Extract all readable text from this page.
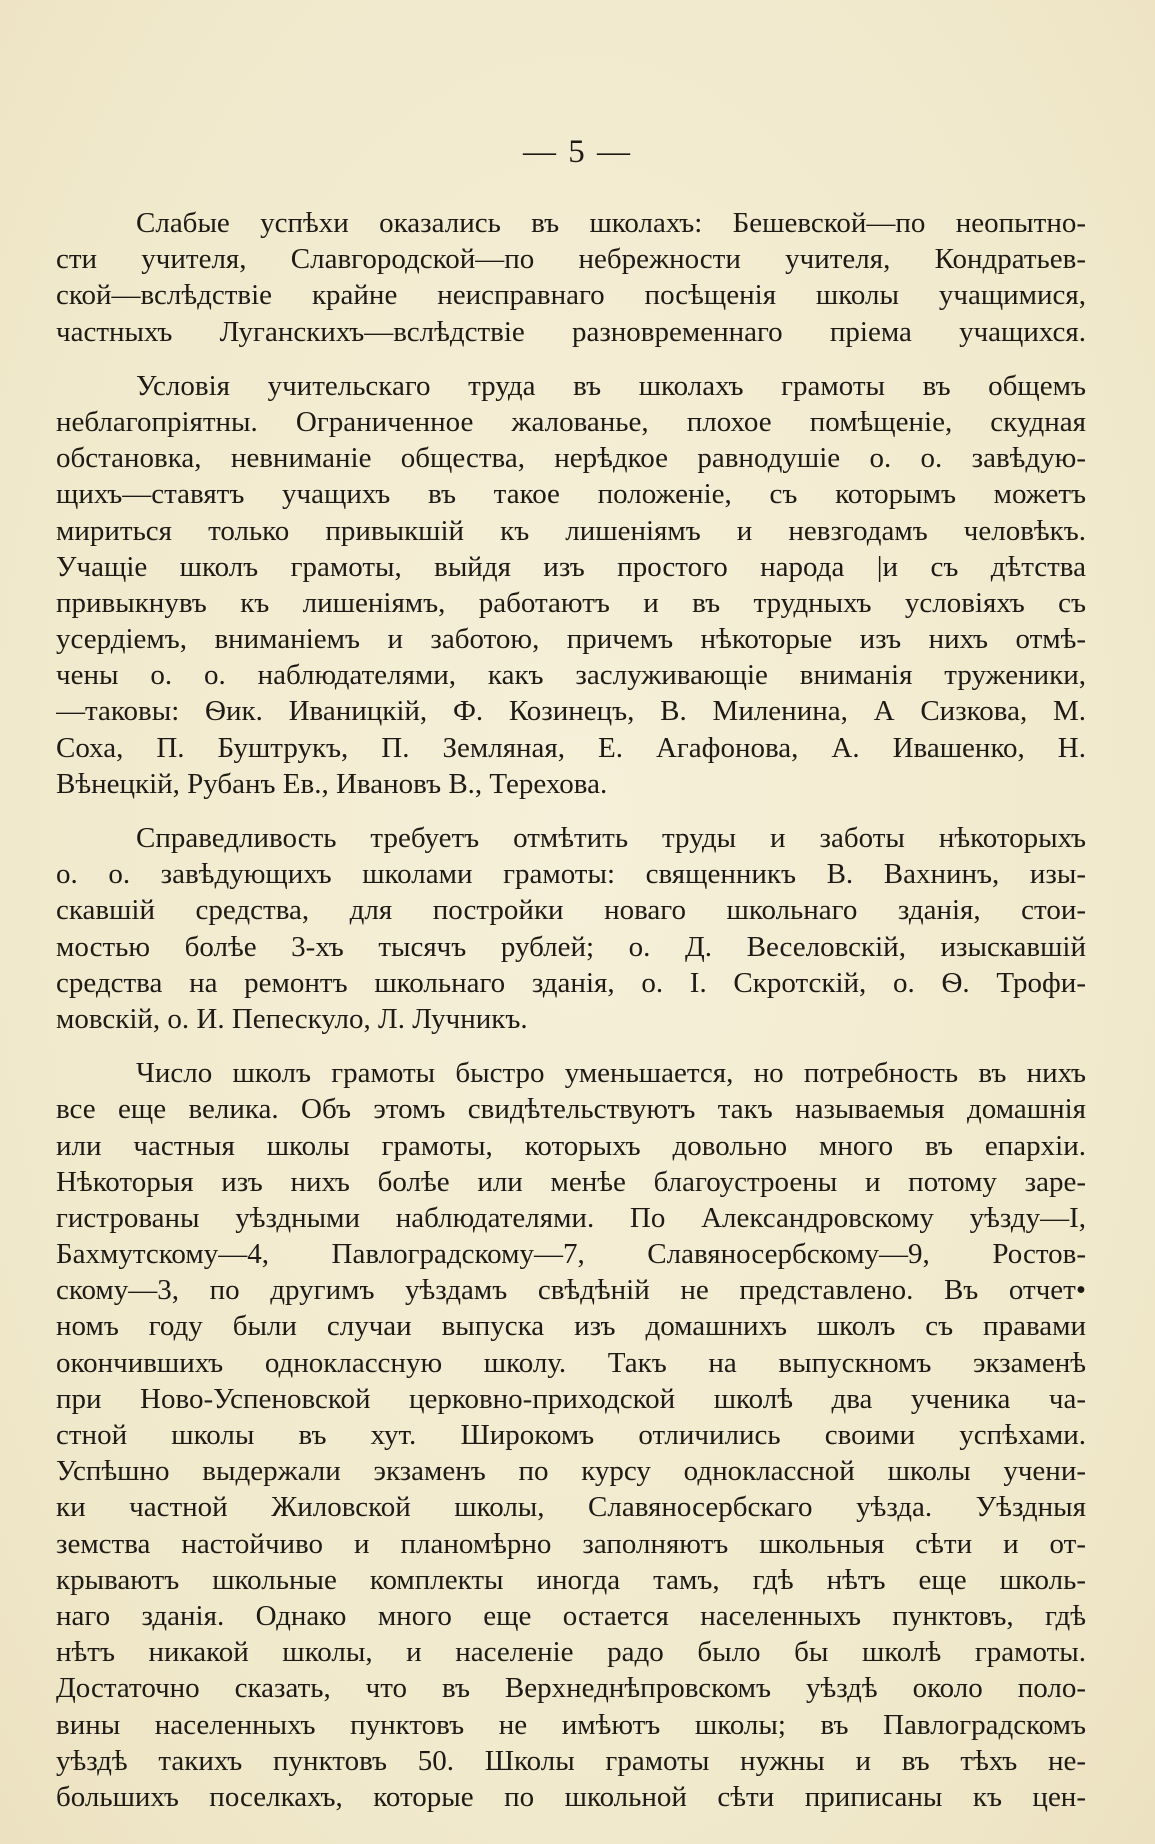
— 5 —
Слабые успѣхи оказались въ школахъ: Бешевской—по неопытно-
сти учителя, Славгородской—по небрежности учителя, Кондратьев-
ской—вслѣдствіе крайне неисправнаго посѣщенія школы учащимися,
частныхъ Луганскихъ—вслѣдствіе разновременнаго пріема учащихся.
Условія учительскаго труда въ школахъ грамоты въ общемъ
неблагопріятны. Ограниченное жалованье, плохое помѣщеніе, скудная
обстановка, невниманіе общества, нерѣдкое равнодушіе о. о. завѣдую-
щихъ—ставятъ учащихъ въ такое положеніе, съ которымъ можетъ
мириться только привыкшій къ лишеніямъ и невзгодамъ человѣкъ.
Учащіе школъ грамоты, выйдя изъ простого народа |и съ дѣтства
привыкнувъ къ лишеніямъ, работаютъ и въ трудныхъ условіяхъ съ
усердіемъ, вниманіемъ и заботою, причемъ нѣкоторые изъ нихъ отмѣ-
чены о. о. наблюдателями, какъ заслуживающіе вниманія труженики,
—таковы: Ѳик. Иваницкій, Ф. Козинецъ, В. Миленина, А Сизкова, М.
Соха, П. Буштрукъ, П. Земляная, Е. Агафонова, А. Ивашенко, Н.
Вѣнецкій, Рубанъ Ев., Ивановъ В., Терехова.
Справедливость требуетъ отмѣтить труды и заботы нѣкоторыхъ
о. о. завѣдующихъ школами грамоты: священникъ В. Вахнинъ, изы-
скавшій средства, для постройки новаго школьнаго зданія, стои-
мостью болѣе 3-хъ тысячъ рублей; о. Д. Веселовскій, изыскавшій
средства на ремонтъ школьнаго зданія, о. І. Скротскій, о. Ѳ. Трофи-
мовскій, о. И. Пепескуло, Л. Лучникъ.
Число школъ грамоты быстро уменьшается, но потребность въ нихъ
все еще велика. Объ этомъ свидѣтельствуютъ такъ называемыя домашнія
или частныя школы грамоты, которыхъ довольно много въ епархіи.
Нѣкоторыя изъ нихъ болѣе или менѣе благоустроены и потому заре-
гистрованы уѣздными наблюдателями. По Александровскому уѣзду—І,
Бахмутскому—4, Павлоградскому—7, Славяносербскому—9, Ростов-
скому—3, по другимъ уѣздамъ свѣдѣній не представлено. Въ отчет•
номъ году были случаи выпуска изъ домашнихъ школъ съ правами
окончившихъ одноклассную школу. Такъ на выпускномъ экзаменѣ
при Ново-Успеновской церковно-приходской школѣ два ученика ча-
стной школы въ хут. Широкомъ отличились своими успѣхами.
Успѣшно выдержали экзаменъ по курсу одноклассной школы учени-
ки частной Жиловской школы, Славяносербскаго уѣзда. Уѣздныя
земства настойчиво и планомѣрно заполняютъ школьныя сѣти и от-
крываютъ школьные комплекты иногда тамъ, гдѣ нѣтъ еще школь-
наго зданія. Однако много еще остается населенныхъ пунктовъ, гдѣ
нѣтъ никакой школы, и населеніе радо было бы школѣ грамоты.
Достаточно сказать, что въ Верхнеднѣпровскомъ уѣздѣ около поло-
вины населенныхъ пунктовъ не имѣютъ школы; въ Павлоградскомъ
уѣздѣ такихъ пунктовъ 50. Школы грамоты нужны и въ тѣхъ не-
большихъ поселкахъ, которые по школьной сѣти приписаны къ цен-
